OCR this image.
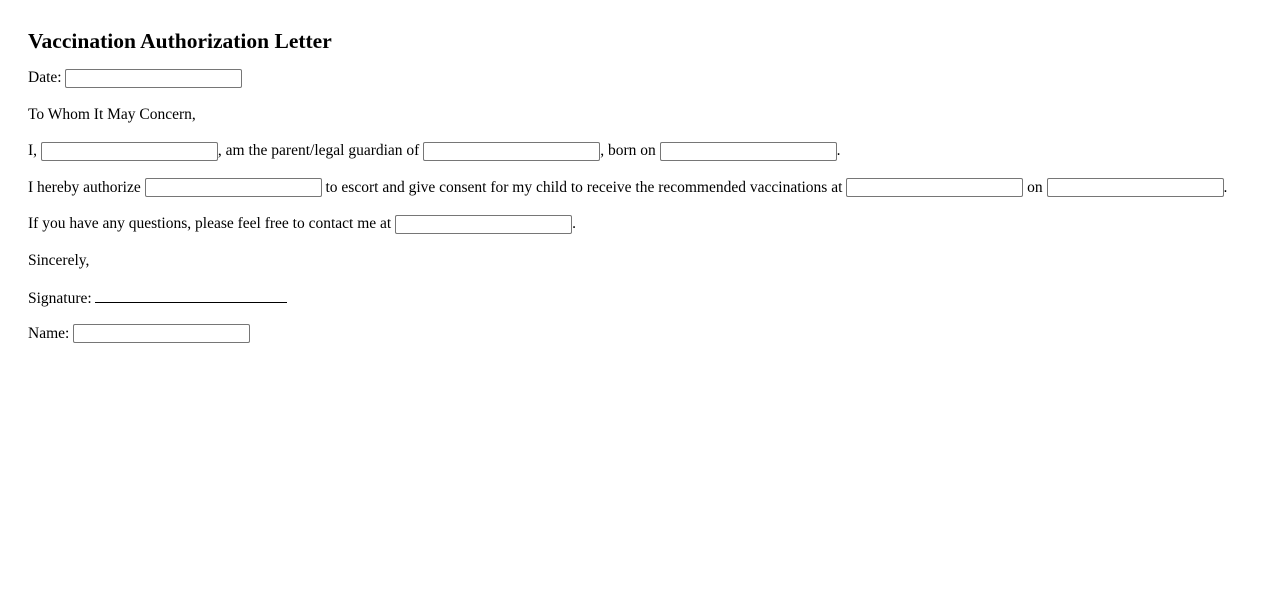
Vaccination Authorization Letter
Date:
To Whom It May Concern,
I,	, am the parent/legal guardian of	, born on	.
I hereby authorize	to escort and give consent for my child to receive the recommended vaccinations at	on	.
If you have any questions, please feel free to contact me at	.
Sincerely,
Signature:
Name:
